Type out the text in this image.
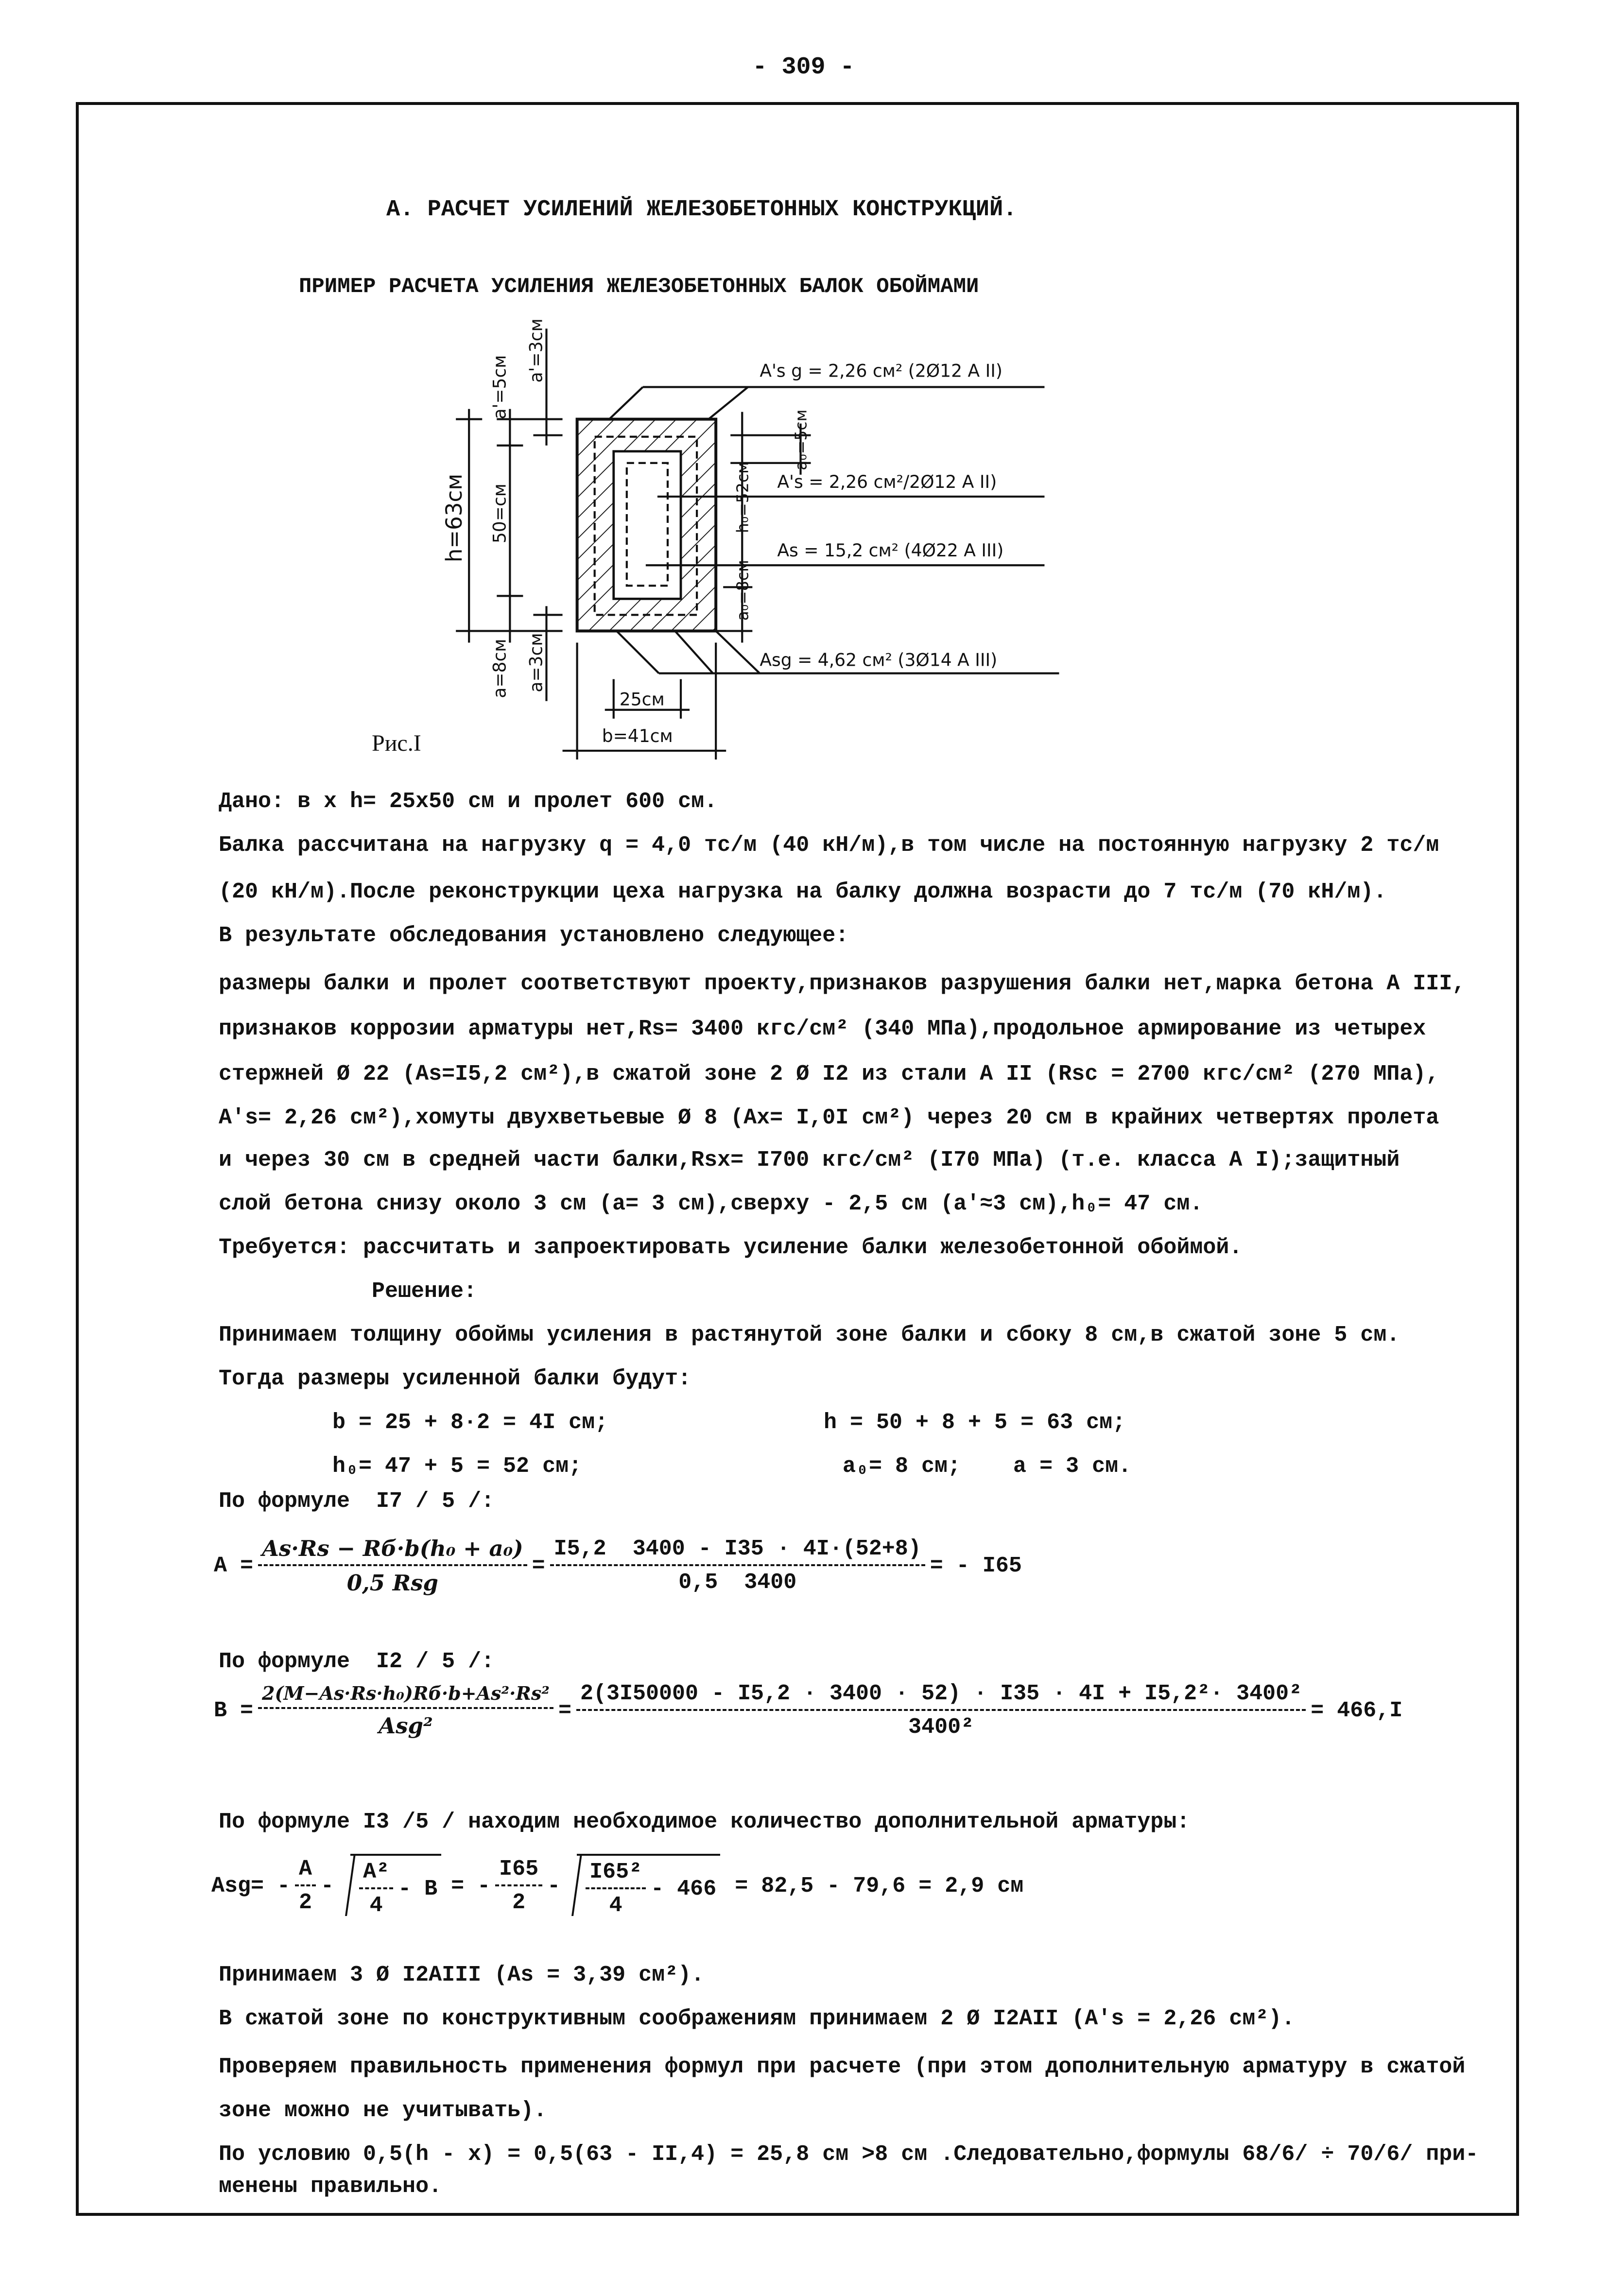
- 309 -
А. РАСЧЕТ УСИЛЕНИЙ ЖЕЛЕЗОБЕТОННЫХ КОНСТРУКЦИЙ.
ПРИМЕР РАСЧЕТА УСИЛЕНИЯ ЖЕЛЕЗОБЕТОННЫХ БАЛОК ОБОЙМАМИ
A's g = 2,26 см² (2Ø12 A II)
A's = 2,26 см²/2Ø12 A II)
As = 15,2 см² (4Ø22 A III)
Asg = 4,62 см² (3Ø14 A III)
25см
b=41см
h=63см	50=см
a'=5см
a'=3см
a=8см	a=3см
a₀=5см
h₀=52см
a₀=8см
Рис.I
Дано: в х h= 25х50 см и пролет 600 см.
Балка рассчитана на нагрузку q = 4,0 тс/м (40 кН/м),в том числе на постоянную нагрузку 2 тс/м
(20 кН/м).После реконструкции цеха нагрузка на балку должна возрасти до 7 тс/м (70 кН/м).
В результате обследования установлено следующее:
размеры балки и пролет соответствуют проекту,признаков разрушения балки нет,марка бетона A III,
признаков коррозии арматуры нет,Rs= 3400 кгс/см² (340 МПа),продольное армирование из четырех
стержней Ø 22 (As=I5,2 см²),в сжатой зоне 2 Ø I2 из стали A II (Rsc = 2700 кгс/см² (270 МПа),
A's= 2,26 см²),хомуты двухветьевые Ø 8 (Ax= I,0I см²) через 20 см в крайних четвертях пролета
и через 30 см в средней части балки,Rsx= I700 кгс/см² (I70 МПа) (т.е. класса A I);защитный
слой бетона снизу около 3 см (a= 3 см),сверху - 2,5 см (a'≈3 см),h₀= 47 см.
Требуется: рассчитать и запроектировать усиление балки железобетонной обоймой.
Решение:
Принимаем толщину обоймы усиления в растянутой зоне балки и сбоку 8 см,в сжатой зоне 5 см.
Тогда размеры усиленной балки будут:
b = 25 + 8·2 = 4I см;	h = 50 + 8 + 5 = 63 см;
h₀= 47 + 5 = 52 см;	a₀= 8 см;    a = 3 см.
По формуле  I7 / 5 /:
$A = \frac{\text{As·Rs − Rб·b(h₀ + a₀)}}{\text{0,5 Rsg}} = \frac{I5,2 3400 - I35 \cdot 4I\cdot(52+8)}{0,5 3400}$ = - I65
По формуле  I2 / 5 /:
$B = \frac{\text{2(M−As·Rs·h₀)Rб·b+As²·Rs²}}{\text{Asg²}} = \frac{\text{2(3I50000 - I5,2 · 3400 · 52) · I35 · 4I + I5,2²· 3400²}}{\text{3400²}} = 466,I$
По формуле I3 /5 / находим необходимое количество дополнительной арматуры:
$Asg= - \frac{A}{2} - \frac{\text{A²}}{4} - B$ = - $\frac{I65}{2} - \frac{\text{I65²}}{4} - 466 = 82,5 - 79,6 = 2,9$ см
Принимаем 3 Ø I2AIII (As = 3,39 см²).
В сжатой зоне по конструктивным соображениям принимаем 2 Ø I2AII (A's = 2,26 см²).
Проверяем правильность применения формул при расчете (при этом дополнительную арматуру в сжатой
зоне можно не учитывать).
По условию 0,5(h - x) = 0,5(63 - II,4) = 25,8 см >8 см .Следовательно,формулы 68/6/ ÷ 70/6/ при-
менены правильно.
